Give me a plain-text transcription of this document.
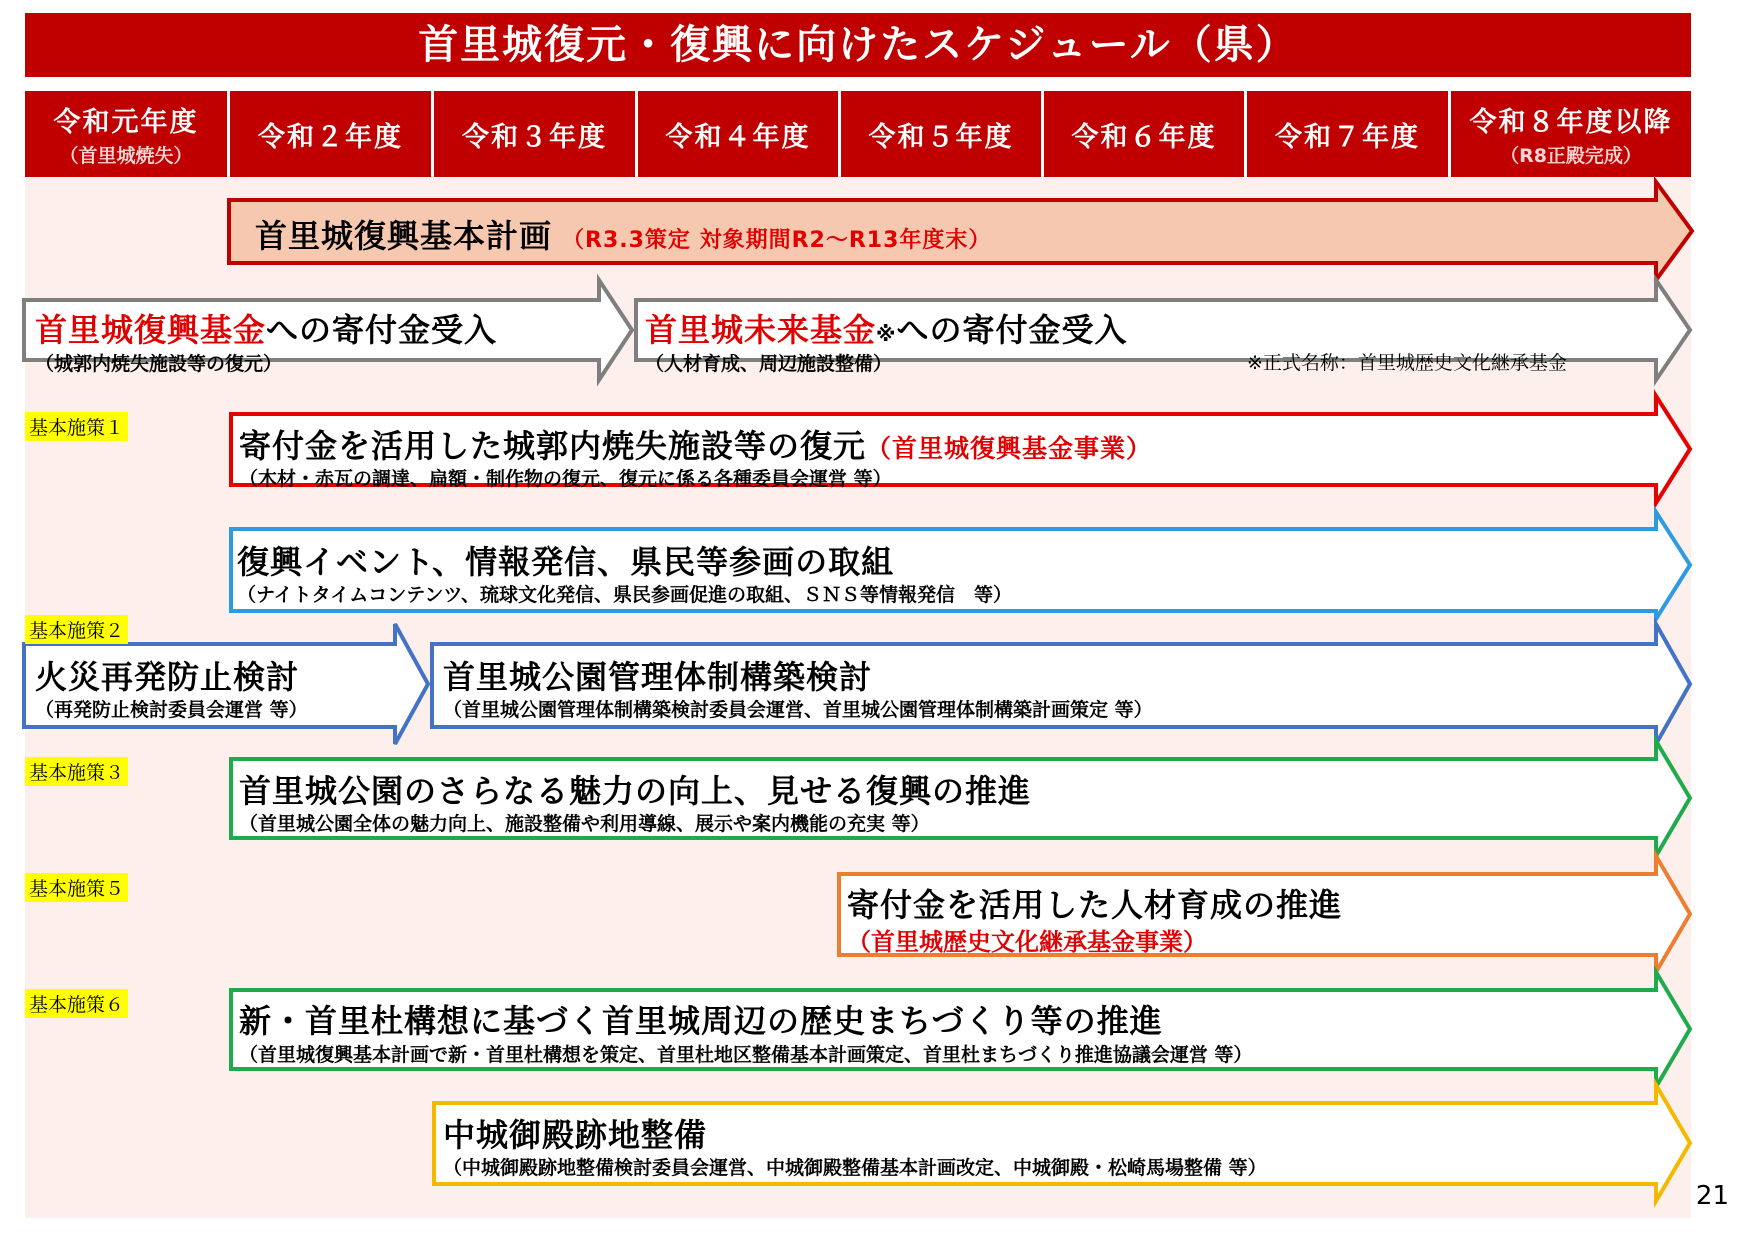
首里城復元・復興に向けたスケジュール（県）
令和元年度
（首里城焼失）
令和２年度 令和３年度 令和４年度 令和５年度 令和６年度 令和７年度 令和８年度以降
（R8正殿完成）
首里城復興基本計画 （R3.3策定 対象期間R2～R13年度末）
首里城復興基金への寄付金受入
（城郭内焼失施設等の復元）
首里城未来基金※への寄付金受入
（人材育成、周辺施設整備）	※正式名称：首里城歴史文化継承基金
基本施策１
基本施策２
基本施策３
基本施策５
基本施策６
寄付金を活用した城郭内焼失施設等の復元（首里城復興基金事業）
（木材・赤瓦の調達、扁額・制作物の復元、復元に係る各種委員会運営 等）
復興イベント、情報発信、県民等参画の取組
（ナイトタイムコンテンツ、琉球文化発信、県民参画促進の取組、ＳＮＳ等情報発信　等）
火災再発防止検討
（再発防止検討委員会運営 等）
首里城公園管理体制構築検討
（首里城公園管理体制構築検討委員会運営、首里城公園管理体制構築計画策定 等）
首里城公園のさらなる魅力の向上、見せる復興の推進
（首里城公園全体の魅力向上、施設整備や利用導線、展示や案内機能の充実 等）
寄付金を活用した人材育成の推進
（首里城歴史文化継承基金事業）
新・首里杜構想に基づく首里城周辺の歴史まちづくり等の推進
（首里城復興基本計画で新・首里杜構想を策定、首里杜地区整備基本計画策定、首里杜まちづくり推進協議会運営 等）
中城御殿跡地整備
（中城御殿跡地整備検討委員会運営、中城御殿整備基本計画改定、中城御殿・松崎馬場整備 等）
21
